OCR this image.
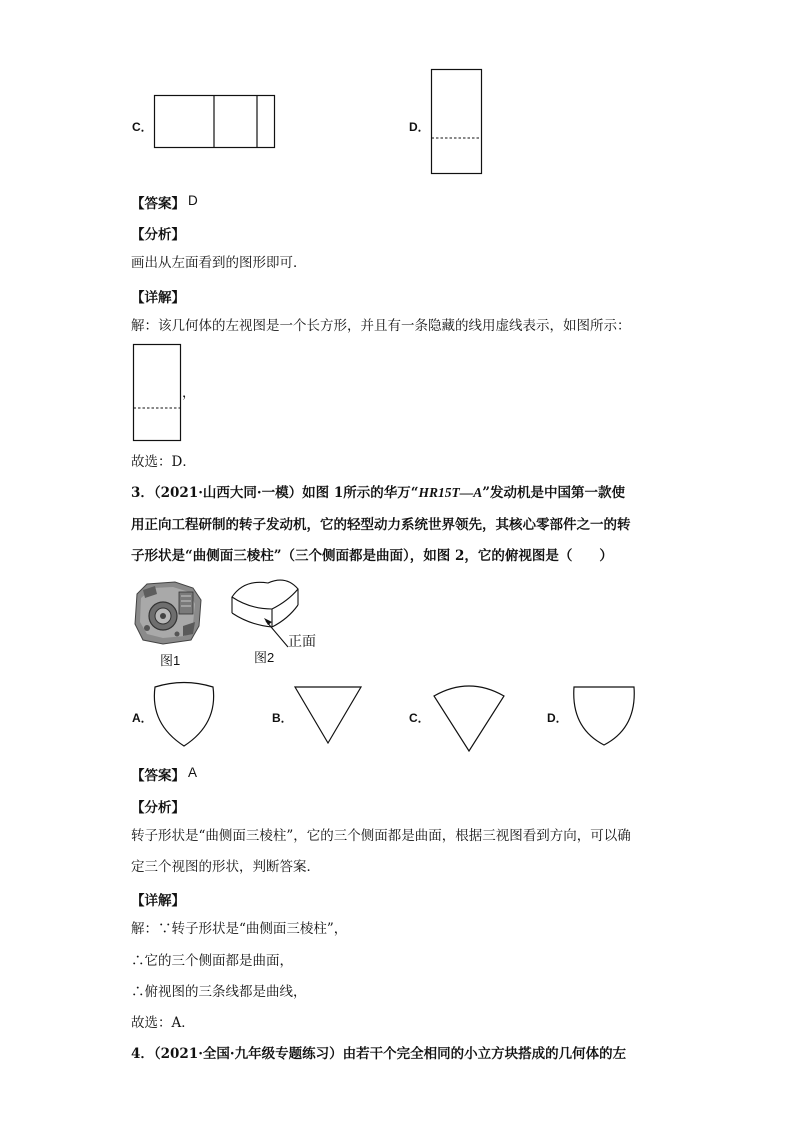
C．	D．
【答案】 D
【分析】
画出从左面看到的图形即可．
【详解】
解：该几何体的左视图是一个长方形，并且有一条隐藏的线用虚线表示，如图所示：
，
故选：D．
3．（2021·山西大同·一模）如图 1所示的华万“HR15T—A”发动机是中国第一款使
用正向工程研制的转子发动机，它的轻型动力系统世界领先，其核心零部件之一的转
子形状是“曲侧面三棱柱”（三个侧面都是曲面），如图 2，它的俯视图是（　　）
图1
正面
图2
A．	B．	C．	D．
【答案】 A
【分析】
转子形状是“曲侧面三棱柱”，它的三个侧面都是曲面，根据三视图看到方向，可以确
定三个视图的形状，判断答案．
【详解】
解：∵转子形状是“曲侧面三棱柱”，
∴它的三个侧面都是曲面，
∴俯视图的三条线都是曲线，
故选：A．
4．（2021·全国·九年级专题练习）由若干个完全相同的小立方块搭成的几何体的左
